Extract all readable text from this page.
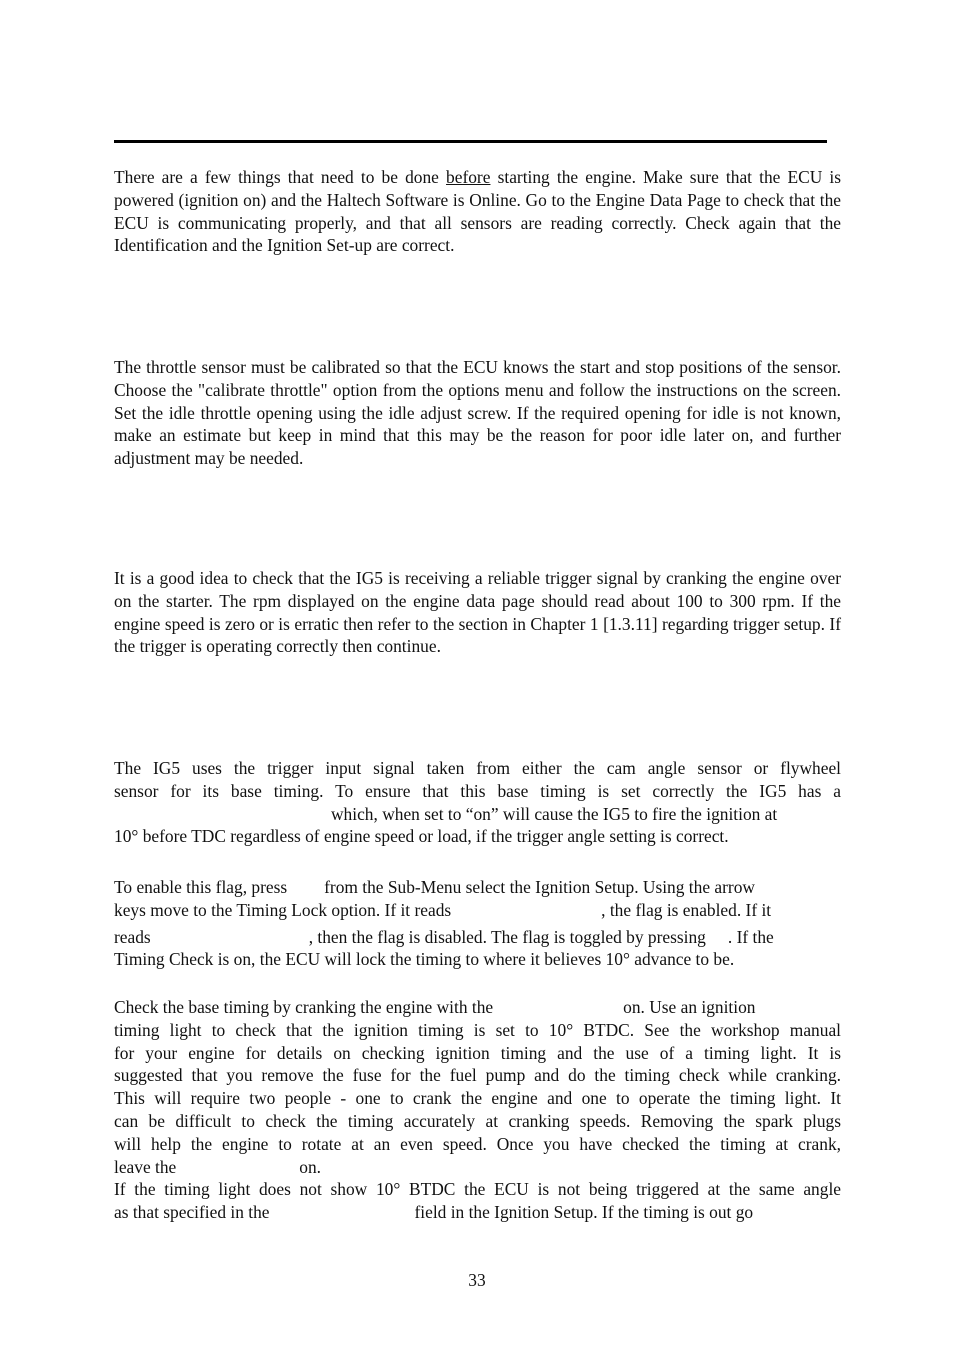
There are a few things that need to be done before starting the engine. Make sure that the ECU is powered (ignition on) and the Haltech Software is Online. Go to the Engine Data Page to check that the ECU is communicating properly, and that all sensors are reading correctly. Check again that the Identification and the Ignition Set-up are correct.

The throttle sensor must be calibrated so that the ECU knows the start and stop positions of the sensor. Choose the "calibrate throttle" option from the options menu and follow the instructions on the screen. Set the idle throttle opening using the idle adjust screw. If the required opening for idle is not known, make an estimate but keep in mind that this may be the reason for poor idle later on, and further adjustment may be needed.

It is a good idea to check that the IG5 is receiving a reliable trigger signal by cranking the engine over on the starter. The rpm displayed on the engine data page should read about 100 to 300 rpm. If the engine speed is zero or is erratic then refer to the section in Chapter 1 [1.3.11] regarding trigger setup. If the trigger is operating correctly then continue.

The IG5 uses the trigger input signal taken from either the cam angle sensor or flywheel
sensor for its base timing. To ensure that this base timing is set correctly the IG5 has a
which, when set to “on” will cause the IG5 to fire the ignition at
10° before TDC regardless of engine speed or load, if the trigger angle setting is correct.
To enable this flag, press from the Sub-Menu select the Ignition Setup. Using the arrow
keys move to the Timing Lock option. If it reads	, the flag is enabled. If it
reads	, then the flag is disabled. The flag is toggled by pressing . If the
Timing Check is on, the ECU will lock the timing to where it believes 10° advance to be.
Check the base timing by cranking the engine with the	on. Use an ignition
timing light to check that the ignition timing is set to 10° BTDC. See the workshop manual
for your engine for details on checking ignition timing and the use of a timing light. It is
suggested that you remove the fuse for the fuel pump and do the timing check while cranking.
This will require two people - one to crank the engine and one to operate the timing light. It
can be difficult to check the timing accurately at cranking speeds. Removing the spark plugs
will help the engine to rotate at an even speed. Once you have checked the timing at crank,
leave the	on.
If the timing light does not show 10° BTDC the ECU is not being triggered at the same angle
as that specified in the	field in the Ignition Setup. If the timing is out go
33
